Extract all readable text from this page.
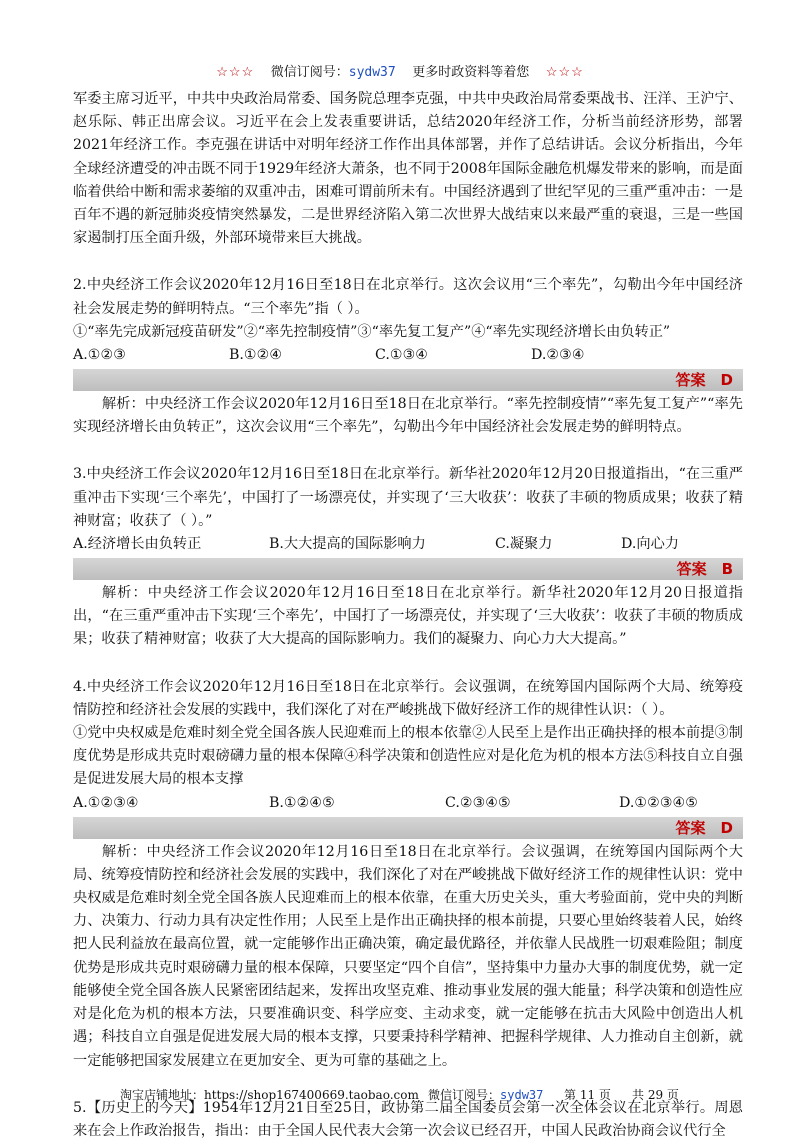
☆☆☆ 微信订阅号：sydw37 更多时政资料等着您 ☆☆☆

军委主席习近平，中共中央政治局常委、国务院总理李克强，中共中央政治局常委栗战书、汪洋、王沪宁、赵乐际、韩正出席会议。习近平在会上发表重要讲话，总结2020年经济工作，分析当前经济形势，部署2021年经济工作。李克强在讲话中对明年经济工作作出具体部署，并作了总结讲话。会议分析指出，今年全球经济遭受的冲击既不同于1929年经济大萧条，也不同于2008年国际金融危机爆发带来的影响，而是面临着供给中断和需求萎缩的双重冲击，困难可谓前所未有。中国经济遇到了世纪罕见的三重严重冲击：一是百年不遇的新冠肺炎疫情突然暴发，二是世界经济陷入第二次世界大战结束以来最严重的衰退，三是一些国家遏制打压全面升级，外部环境带来巨大挑战。

2.中央经济工作会议2020年12月16日至18日在北京举行。这次会议用“三个率先”，勾勒出今年中国经济社会发展走势的鲜明特点。“三个率先”指（ ）。

①“率先完成新冠疫苗研发”②“率先控制疫情”③“率先复工复产”④“率先实现经济增长由负转正”

A.①②③	B.①②④	C.①③④	D.②③④
答案　D

解析：中央经济工作会议2020年12月16日至18日在北京举行。“率先控制疫情”“率先复工复产”“率先实现经济增长由负转正”，这次会议用“三个率先”，勾勒出今年中国经济社会发展走势的鲜明特点。

3.中央经济工作会议2020年12月16日至18日在北京举行。新华社2020年12月20日报道指出，“在三重严重冲击下实现‘三个率先’，中国打了一场漂亮仗，并实现了‘三大收获’：收获了丰硕的物质成果；收获了精神财富；收获了（ ）。”

A.经济增长由负转正	B.大大提高的国际影响力	C.凝聚力	D.向心力
答案　B

解析：中央经济工作会议2020年12月16日至18日在北京举行。新华社2020年12月20日报道指出，“在三重严重冲击下实现‘三个率先’，中国打了一场漂亮仗，并实现了‘三大收获’：收获了丰硕的物质成果；收获了精神财富；收获了大大提高的国际影响力。我们的凝聚力、向心力大大提高。”

4.中央经济工作会议2020年12月16日至18日在北京举行。会议强调，在统筹国内国际两个大局、统筹疫情防控和经济社会发展的实践中，我们深化了对在严峻挑战下做好经济工作的规律性认识：（ ）。

①党中央权威是危难时刻全党全国各族人民迎难而上的根本依靠②人民至上是作出正确抉择的根本前提③制度优势是形成共克时艰磅礴力量的根本保障④科学决策和创造性应对是化危为机的根本方法⑤科技自立自强是促进发展大局的根本支撑

A.①②③④	B.①②④⑤	C.②③④⑤	D.①②③④⑤
答案　D

解析：中央经济工作会议2020年12月16日至18日在北京举行。会议强调，在统筹国内国际两个大局、统筹疫情防控和经济社会发展的实践中，我们深化了对在严峻挑战下做好经济工作的规律性认识：党中央权威是危难时刻全党全国各族人民迎难而上的根本依靠，在重大历史关头，重大考验面前，党中央的判断力、决策力、行动力具有决定性作用；人民至上是作出正确抉择的根本前提，只要心里始终装着人民，始终把人民利益放在最高位置，就一定能够作出正确决策，确定最优路径，并依靠人民战胜一切艰难险阻；制度优势是形成共克时艰磅礴力量的根本保障，只要坚定“四个自信”，坚持集中力量办大事的制度优势，就一定能够使全党全国各族人民紧密团结起来，发挥出攻坚克难、推动事业发展的强大能量；科学决策和创造性应对是化危为机的根本方法，只要准确识变、科学应变、主动求变，就一定能够在抗击大风险中创造出人机遇；科技自立自强是促进发展大局的根本支撑，只要秉持科学精神、把握科学规律、人力推动自主创新，就一定能够把国家发展建立在更加安全、更为可靠的基础之上。

5.【历史上的今天】1954年12月21日至25日，政协第二届全国委员会第一次全体会议在北京举行。周恩来在会上作政治报告，指出：由于全国人民代表大会第一次会议已经召开，中国人民政治协商会议代行全

淘宝店铺地址：https://shop167400669.taobao.com 微信订阅号：sydw37 第 11 页 共 29 页
